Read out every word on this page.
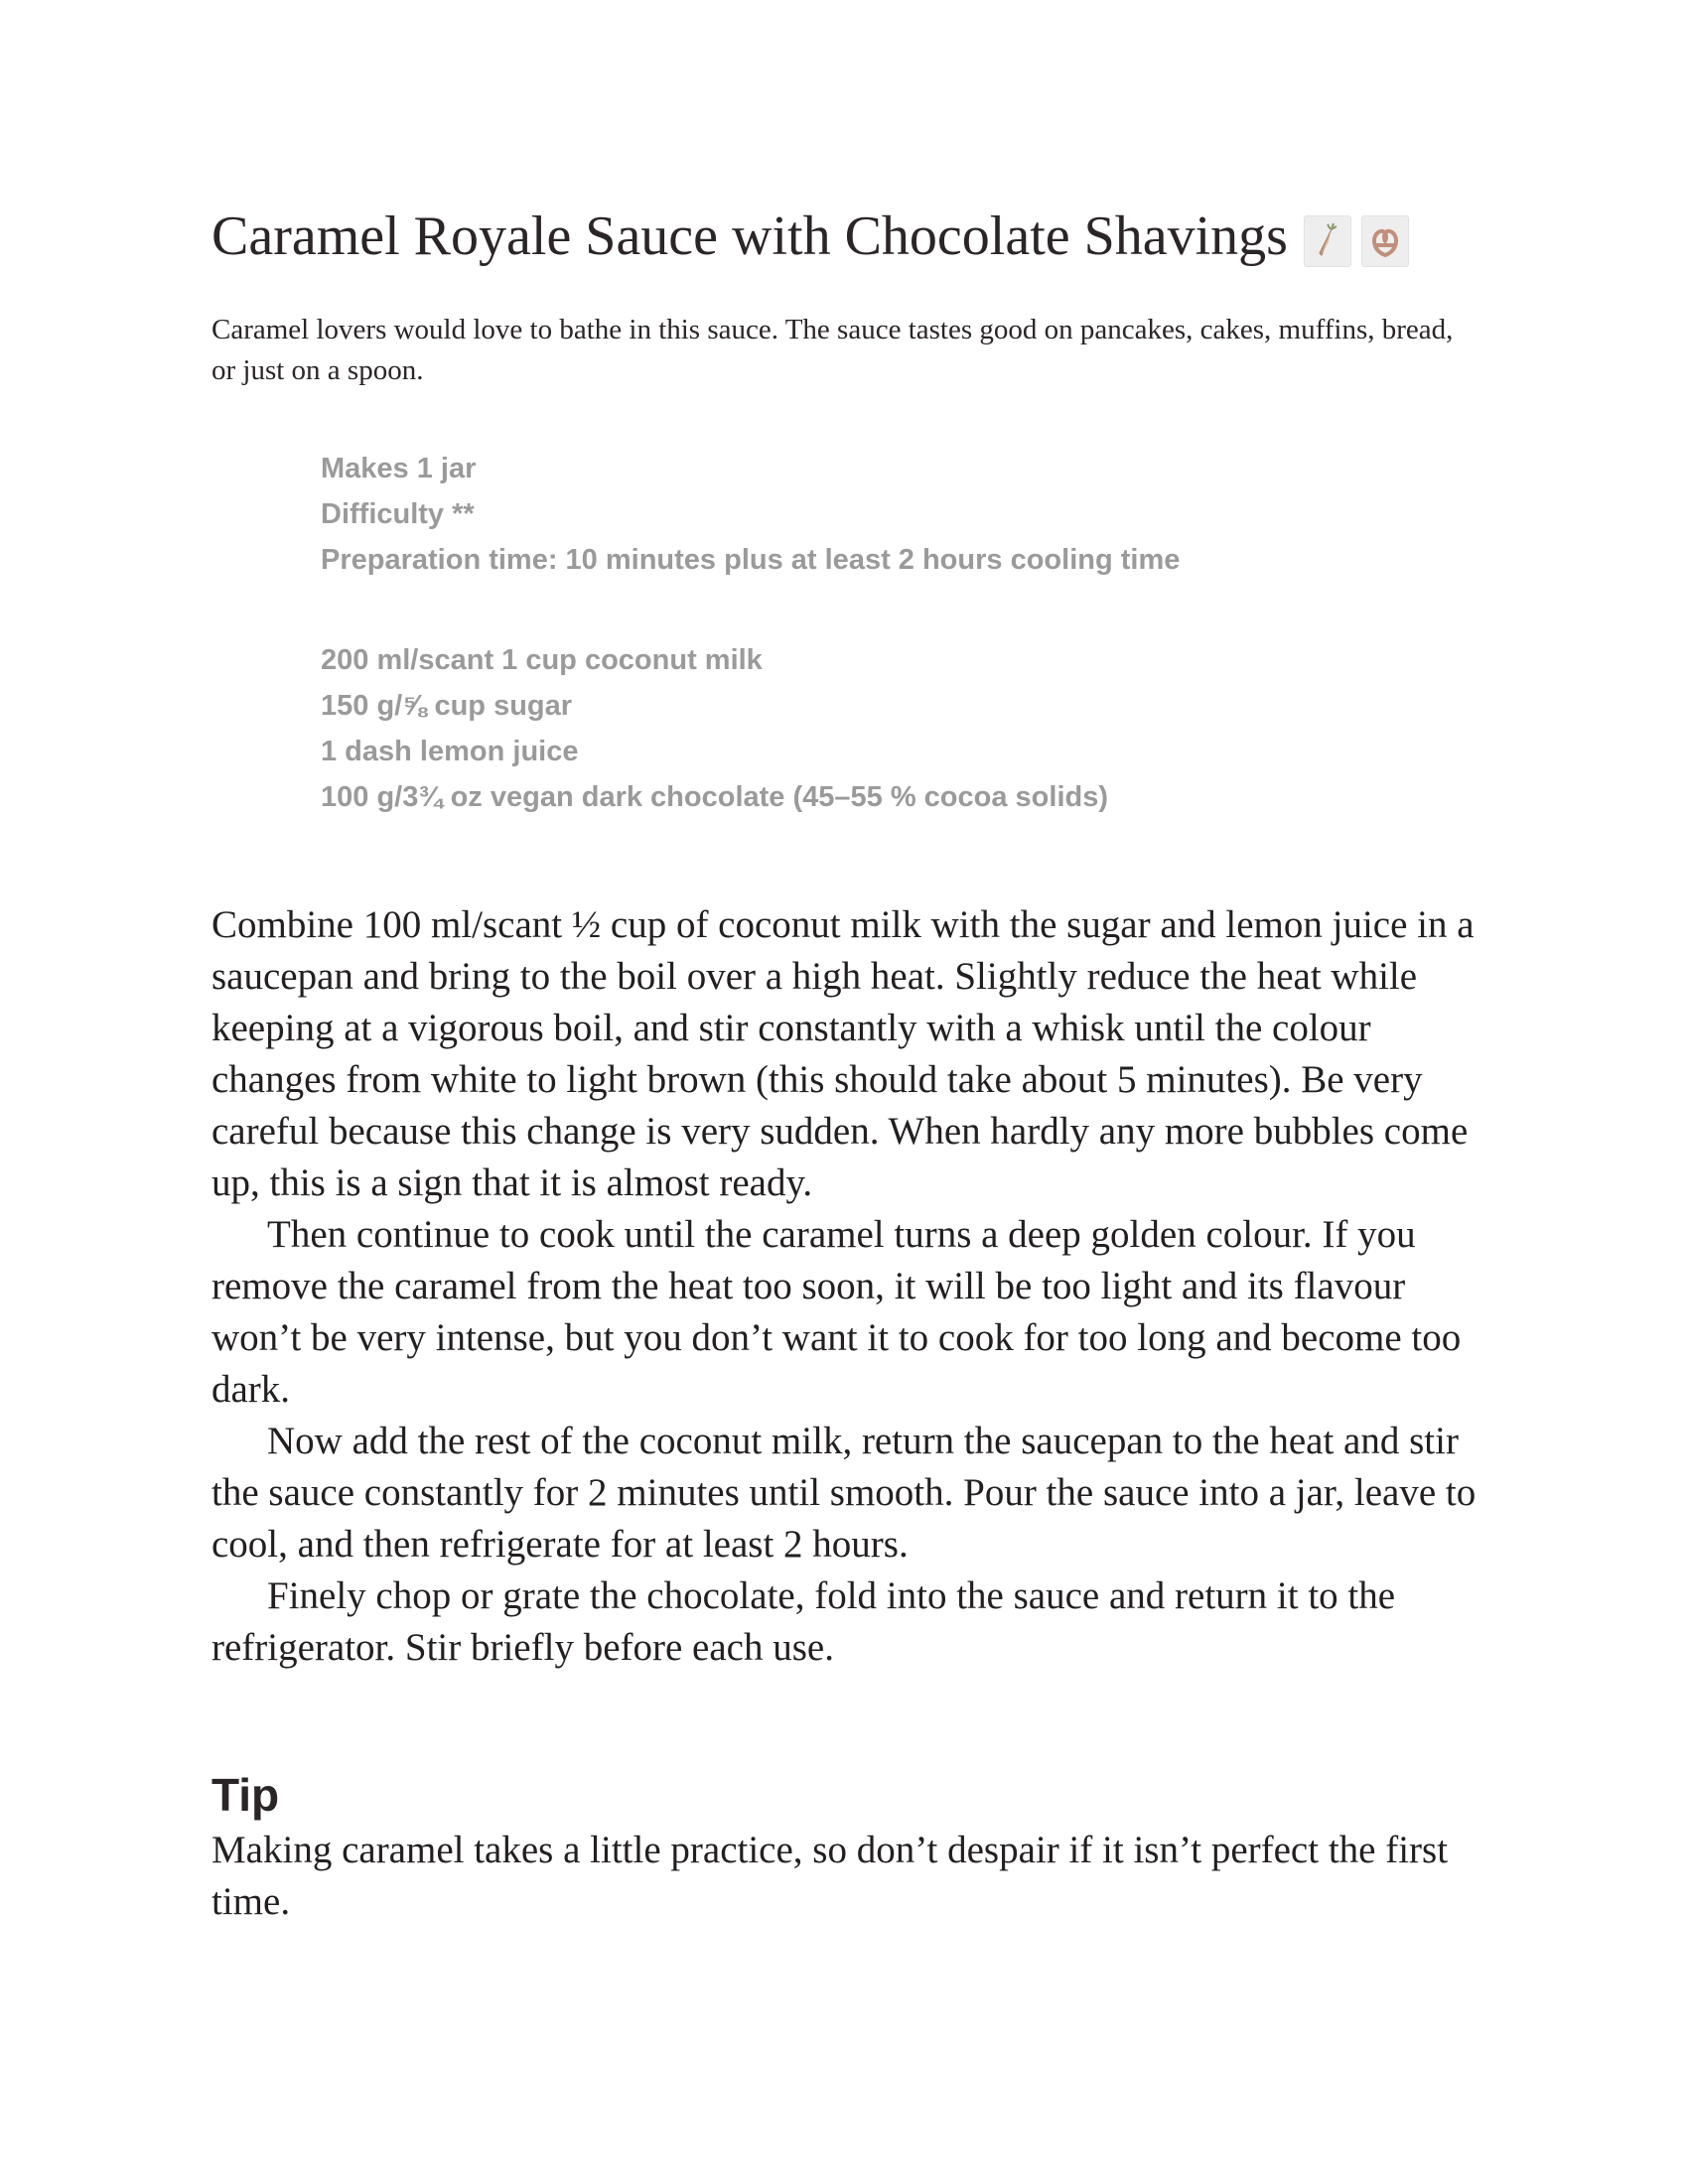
Caramel Royale Sauce with Chocolate Shavings

Caramel lovers would love to bathe in this sauce. The sauce tastes good on pancakes, cakes, muffins, bread, or just on a spoon.

Makes 1 jar
Difficulty **
Preparation time: 10 minutes plus at least 2 hours cooling time
200 ml/scant 1 cup coconut milk
150 g/⅝ cup sugar
1 dash lemon juice
100 g/3¾ oz vegan dark chocolate (45–55 % cocoa solids)

Combine 100 ml/scant ½ cup of coconut milk with the sugar and lemon juice in a saucepan and bring to the boil over a high heat. Slightly reduce the heat while keeping at a vigorous boil, and stir constantly with a whisk until the colour changes from white to light brown (this should take about 5 minutes). Be very careful because this change is very sudden. When hardly any more bubbles come up, this is a sign that it is almost ready.

Then continue to cook until the caramel turns a deep golden colour. If you remove the caramel from the heat too soon, it will be too light and its flavour won’t be very intense, but you don’t want it to cook for too long and become too dark.

Now add the rest of the coconut milk, return the saucepan to the heat and stir the sauce constantly for 2 minutes until smooth. Pour the sauce into a jar, leave to cool, and then refrigerate for at least 2 hours.

Finely chop or grate the chocolate, fold into the sauce and return it to the refrigerator. Stir briefly before each use.

Tip

Making caramel takes a little practice, so don’t despair if it isn’t perfect the first time.
